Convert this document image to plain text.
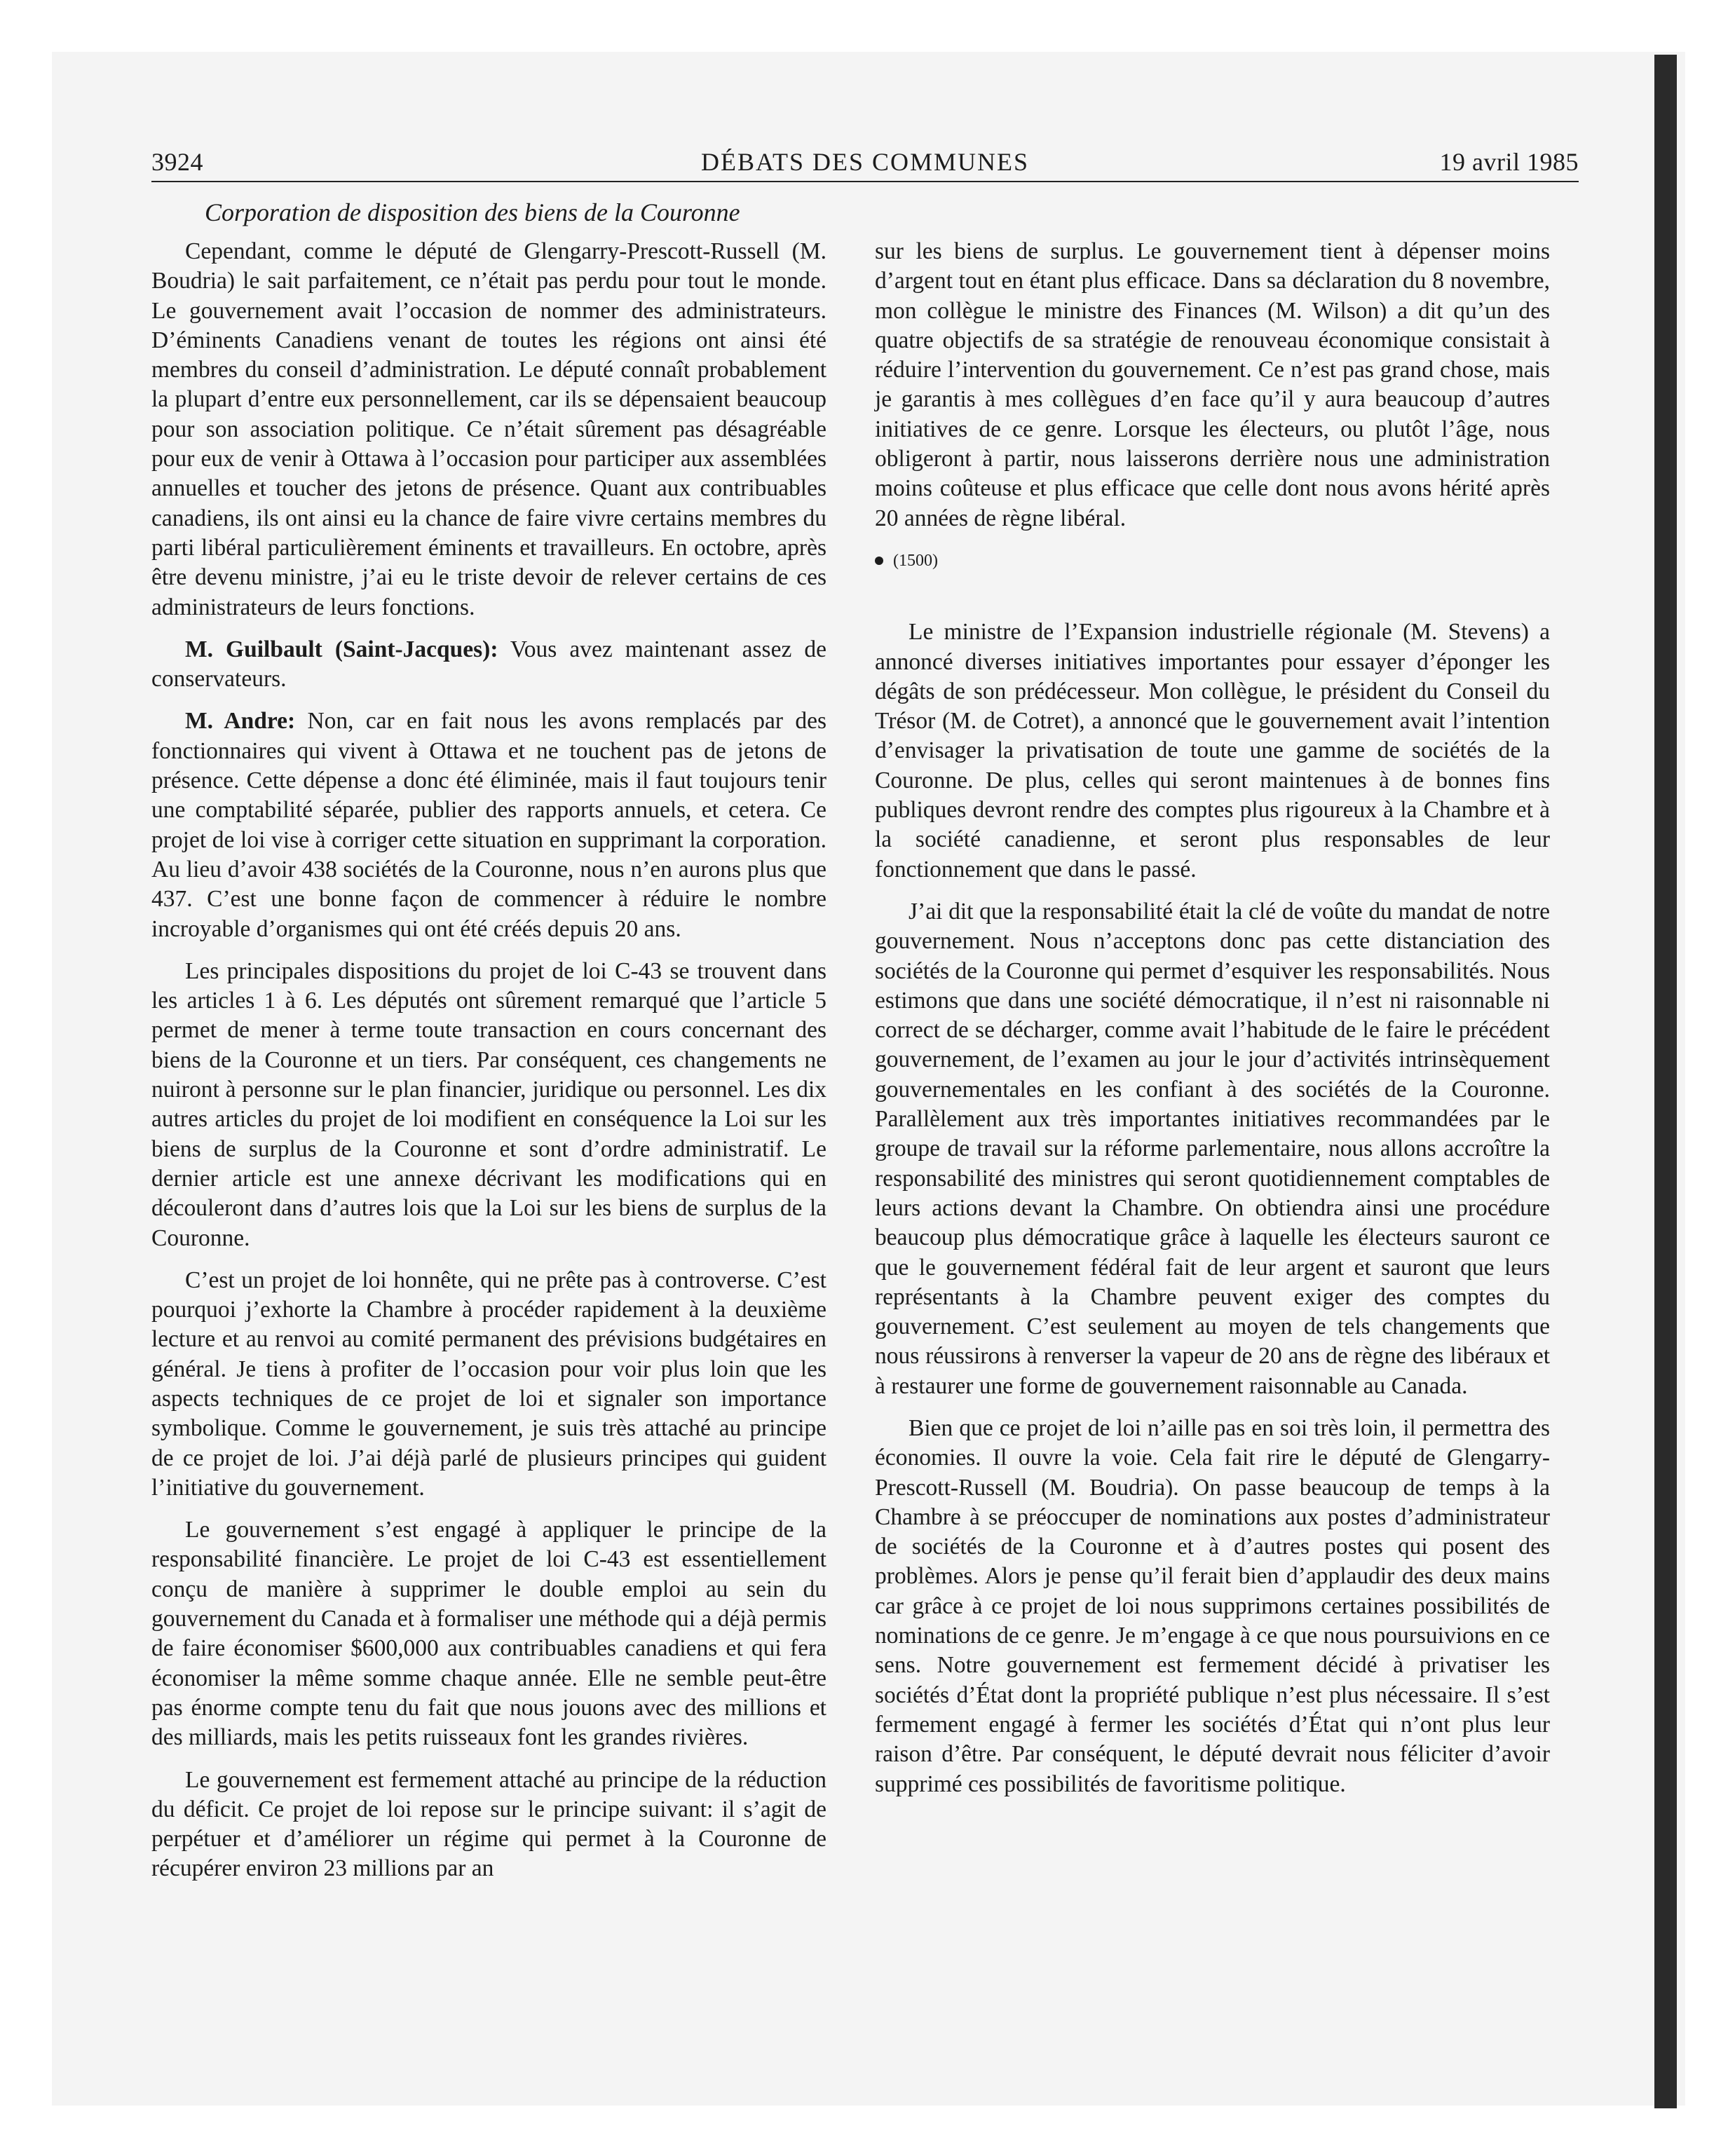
3924	DÉBATS DES COMMUNES	19 avril 1985
Corporation de disposition des biens de la Couronne

Cependant, comme le député de Glengarry-Prescott-Russell (M. Boudria) le sait parfaitement, ce n’était pas perdu pour tout le monde. Le gouvernement avait l’occasion de nommer des administrateurs. D’éminents Canadiens venant de toutes les régions ont ainsi été membres du conseil d’administration. Le député connaît probablement la plupart d’entre eux personnellement, car ils se dépensaient beaucoup pour son association politique. Ce n’était sûrement pas désagréable pour eux de venir à Ottawa à l’occasion pour participer aux assemblées annuelles et toucher des jetons de présence. Quant aux contribuables canadiens, ils ont ainsi eu la chance de faire vivre certains membres du parti libéral particulièrement éminents et travailleurs. En octobre, après être devenu ministre, j’ai eu le triste devoir de relever certains de ces administrateurs de leurs fonctions.

M. Guilbault (Saint-Jacques): Vous avez maintenant assez de conservateurs.

M. Andre: Non, car en fait nous les avons remplacés par des fonctionnaires qui vivent à Ottawa et ne touchent pas de jetons de présence. Cette dépense a donc été éliminée, mais il faut toujours tenir une comptabilité séparée, publier des rapports annuels, et cetera. Ce projet de loi vise à corriger cette situation en supprimant la corporation. Au lieu d’avoir 438 sociétés de la Couronne, nous n’en aurons plus que 437. C’est une bonne façon de commencer à réduire le nombre incroyable d’organismes qui ont été créés depuis 20 ans.

Les principales dispositions du projet de loi C-43 se trouvent dans les articles 1 à 6. Les députés ont sûrement remarqué que l’article 5 permet de mener à terme toute transaction en cours concernant des biens de la Couronne et un tiers. Par conséquent, ces changements ne nuiront à personne sur le plan financier, juridique ou personnel. Les dix autres articles du projet de loi modifient en conséquence la Loi sur les biens de surplus de la Couronne et sont d’ordre administratif. Le dernier article est une annexe décrivant les modifications qui en découleront dans d’autres lois que la Loi sur les biens de surplus de la Couronne.

C’est un projet de loi honnête, qui ne prête pas à controverse. C’est pourquoi j’exhorte la Chambre à procéder rapidement à la deuxième lecture et au renvoi au comité permanent des prévisions budgétaires en général. Je tiens à profiter de l’occasion pour voir plus loin que les aspects techniques de ce projet de loi et signaler son importance symbolique. Comme le gouvernement, je suis très attaché au principe de ce projet de loi. J’ai déjà parlé de plusieurs principes qui guident l’initiative du gouvernement.

Le gouvernement s’est engagé à appliquer le principe de la responsabilité financière. Le projet de loi C-43 est essentiellement conçu de manière à supprimer le double emploi au sein du gouvernement du Canada et à formaliser une méthode qui a déjà permis de faire économiser $600,000 aux contribuables canadiens et qui fera économiser la même somme chaque année. Elle ne semble peut-être pas énorme compte tenu du fait que nous jouons avec des millions et des milliards, mais les petits ruisseaux font les grandes rivières.

Le gouvernement est fermement attaché au principe de la réduction du déficit. Ce projet de loi repose sur le principe suivant: il s’agit de perpétuer et d’améliorer un régime qui permet à la Couronne de récupérer environ 23 millions par an

sur les biens de surplus. Le gouvernement tient à dépenser moins d’argent tout en étant plus efficace. Dans sa déclaration du 8 novembre, mon collègue le ministre des Finances (M. Wilson) a dit qu’un des quatre objectifs de sa stratégie de renouveau économique consistait à réduire l’intervention du gouvernement. Ce n’est pas grand chose, mais je garantis à mes collègues d’en face qu’il y aura beaucoup d’autres initiatives de ce genre. Lorsque les électeurs, ou plutôt l’âge, nous obligeront à partir, nous laisserons derrière nous une administration moins coûteuse et plus efficace que celle dont nous avons hérité après 20 années de règne libéral.

(1500)

Le ministre de l’Expansion industrielle régionale (M. Stevens) a annoncé diverses initiatives importantes pour essayer d’éponger les dégâts de son prédécesseur. Mon collègue, le président du Conseil du Trésor (M. de Cotret), a annoncé que le gouvernement avait l’intention d’envisager la privatisation de toute une gamme de sociétés de la Couronne. De plus, celles qui seront maintenues à de bonnes fins publiques devront rendre des comptes plus rigoureux à la Chambre et à la société canadienne, et seront plus responsables de leur fonctionnement que dans le passé.

J’ai dit que la responsabilité était la clé de voûte du mandat de notre gouvernement. Nous n’acceptons donc pas cette distanciation des sociétés de la Couronne qui permet d’esquiver les responsabilités. Nous estimons que dans une société démocratique, il n’est ni raisonnable ni correct de se décharger, comme avait l’habitude de le faire le précédent gouvernement, de l’examen au jour le jour d’activités intrinsèquement gouvernementales en les confiant à des sociétés de la Couronne. Parallèlement aux très importantes initiatives recommandées par le groupe de travail sur la réforme parlementaire, nous allons accroître la responsabilité des ministres qui seront quotidiennement comptables de leurs actions devant la Chambre. On obtiendra ainsi une procédure beaucoup plus démocratique grâce à laquelle les électeurs sauront ce que le gouvernement fédéral fait de leur argent et sauront que leurs représentants à la Chambre peuvent exiger des comptes du gouvernement. C’est seulement au moyen de tels changements que nous réussirons à renverser la vapeur de 20 ans de règne des libéraux et à restaurer une forme de gouvernement raisonnable au Canada.

Bien que ce projet de loi n’aille pas en soi très loin, il permettra des économies. Il ouvre la voie. Cela fait rire le député de Glengarry-Prescott-Russell (M. Boudria). On passe beaucoup de temps à la Chambre à se préoccuper de nominations aux postes d’administrateur de sociétés de la Couronne et à d’autres postes qui posent des problèmes. Alors je pense qu’il ferait bien d’applaudir des deux mains car grâce à ce projet de loi nous supprimons certaines possibilités de nominations de ce genre. Je m’engage à ce que nous poursuivions en ce sens. Notre gouvernement est fermement décidé à privatiser les sociétés d’État dont la propriété publique n’est plus nécessaire. Il s’est fermement engagé à fermer les sociétés d’État qui n’ont plus leur raison d’être. Par conséquent, le député devrait nous féliciter d’avoir supprimé ces possibilités de favoritisme politique.
